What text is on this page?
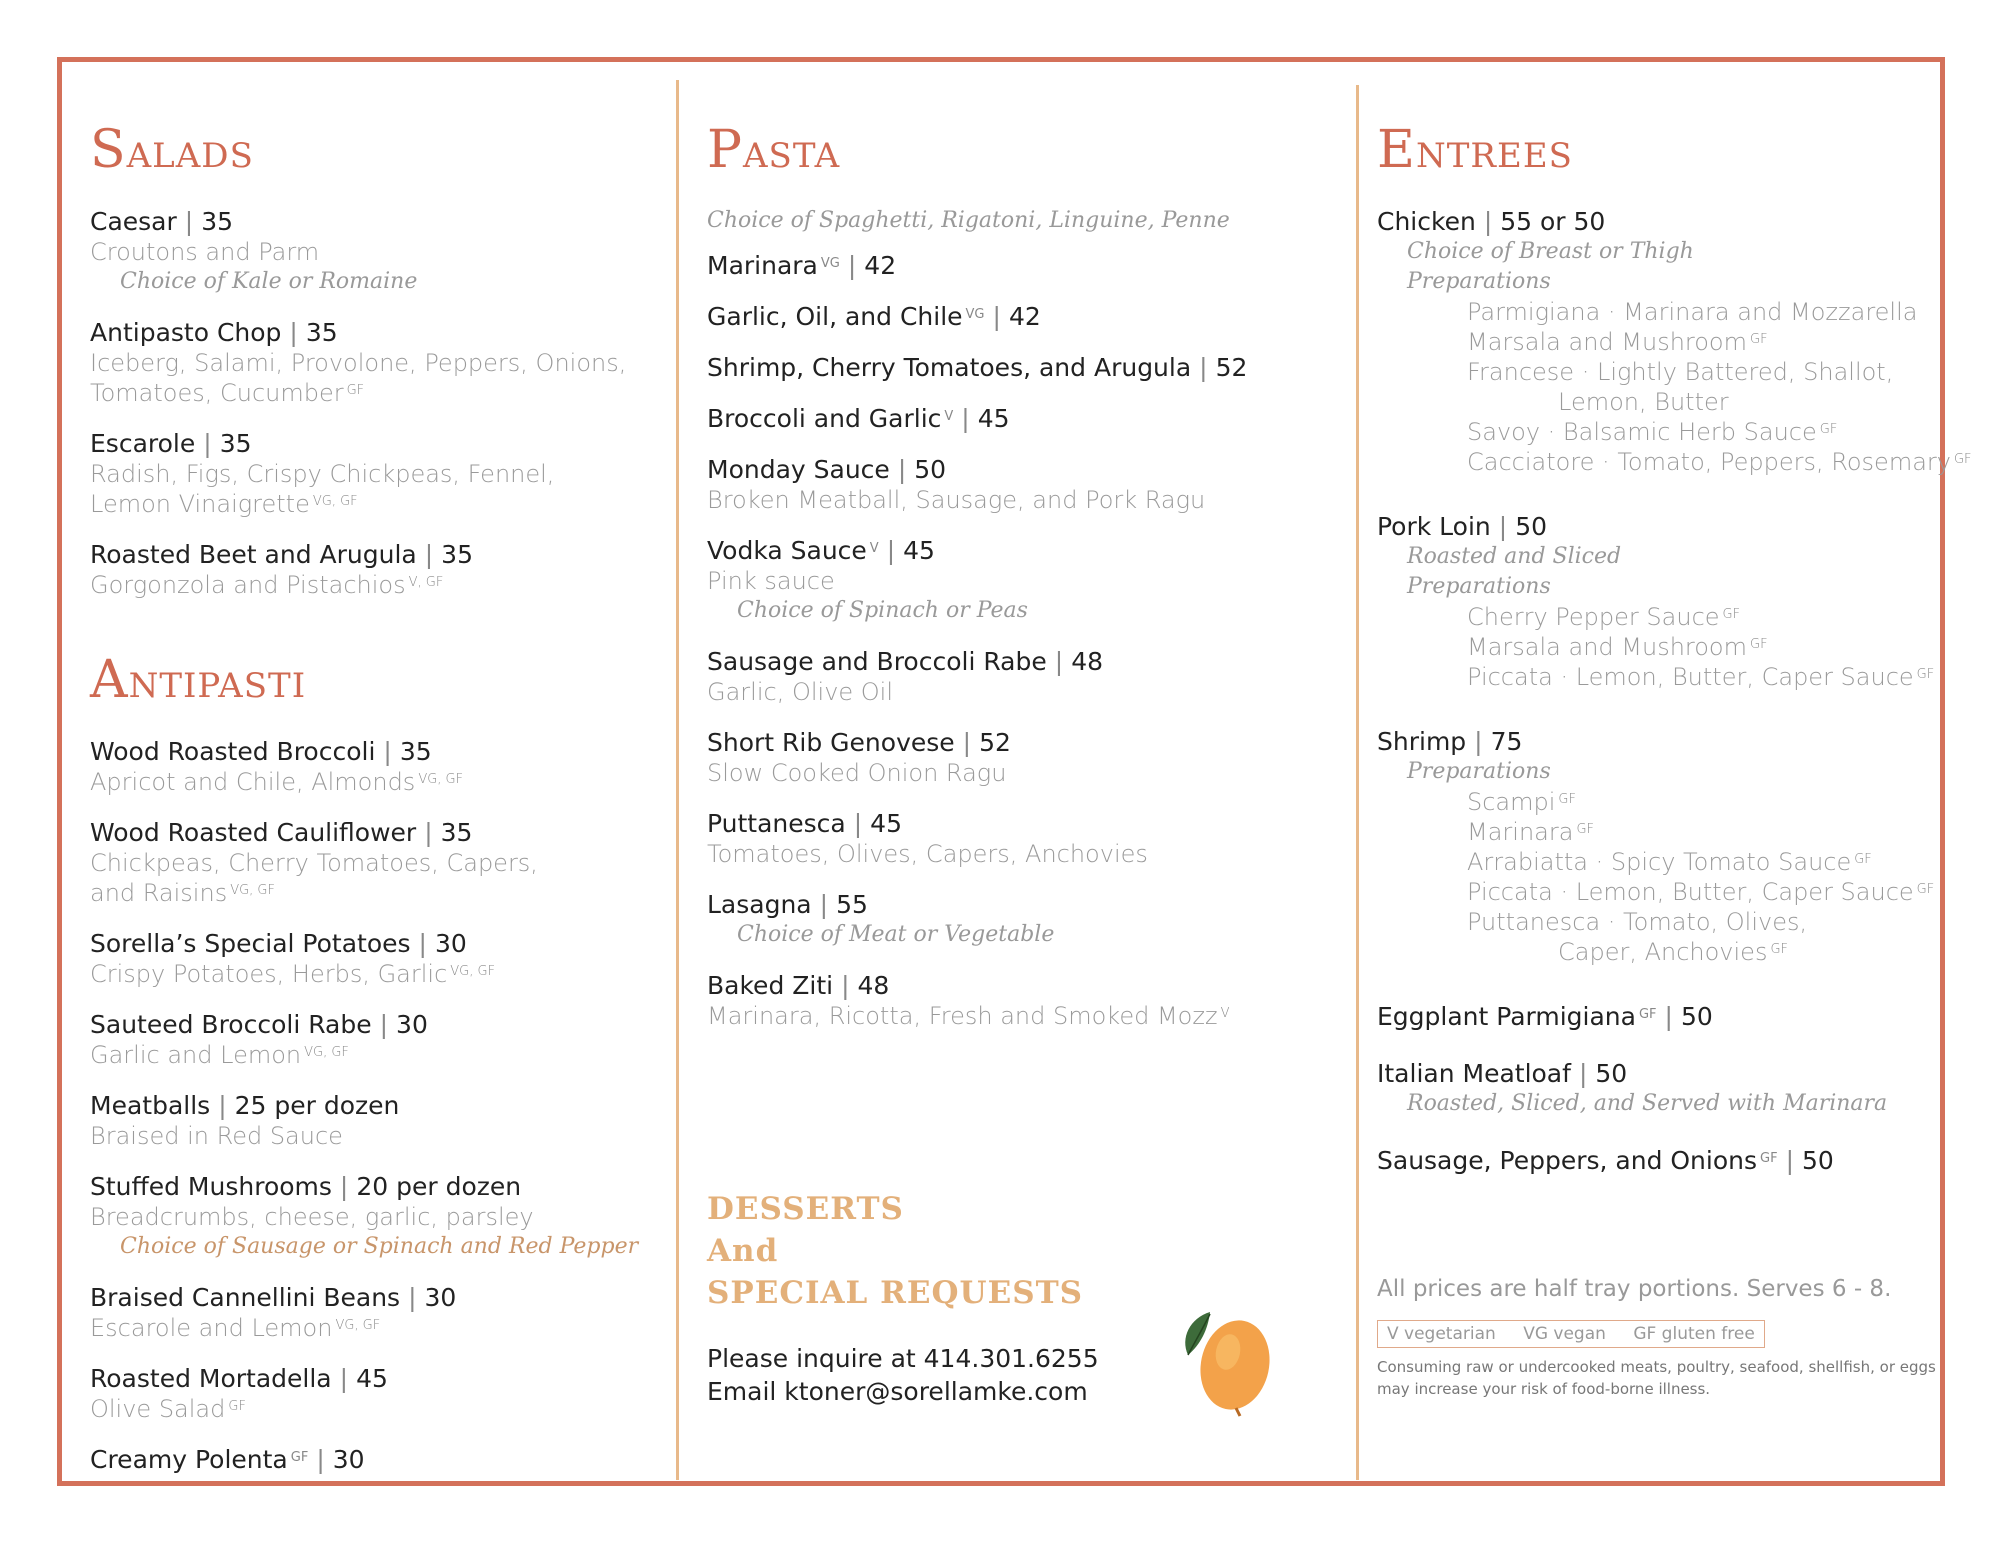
SALADS
Caesar | 35
Croutons and Parm
Choice of Kale or Romaine
Antipasto Chop | 35
Iceberg, Salami, Provolone, Peppers, Onions,
Tomatoes, Cucumber $^{GF}$
Escarole | 35
Radish, Figs, Crispy Chickpeas, Fennel,
Lemon Vinaigrette $^{VG, GF}$
Roasted Beet and Arugula | 35
Gorgonzola and Pistachios $^{V, GF}$
ANTIPASTI
Wood Roasted Broccoli | 35
Apricot and Chile, Almonds $^{VG, GF}$
Wood Roasted Cauliflower | 35
Chickpeas, Cherry Tomatoes, Capers,
and Raisins $^{VG, GF}$
Sorella’s Special Potatoes | 30
Crispy Potatoes, Herbs, Garlic $^{VG, GF}$
Sauteed Broccoli Rabe | 30
Garlic and Lemon $^{VG, GF}$
Meatballs | 25 per dozen
Braised in Red Sauce
Stuffed Mushrooms | 20 per dozen
Breadcrumbs, cheese, garlic, parsley
Choice of Sausage or Spinach and Red Pepper
Braised Cannellini Beans | 30
Escarole and Lemon $^{VG, GF}$
Roasted Mortadella | 45
Olive Salad $^{GF}$
Creamy Polenta $^{GF}$ | 30
PASTA
Choice of Spaghetti, Rigatoni, Linguine, Penne
Marinara $^{VG}$ | 42
Garlic, Oil, and Chile $^{VG}$ | 42
Shrimp, Cherry Tomatoes, and Arugula | 52
Broccoli and Garlic $^V$ | 45
Monday Sauce | 50
Broken Meatball, Sausage, and Pork Ragu
Vodka Sauce $^V$ | 45
Pink sauce
Choice of Spinach or Peas
Sausage and Broccoli Rabe | 48
Garlic, Olive Oil
Short Rib Genovese | 52
Slow Cooked Onion Ragu
Puttanesca | 45
Tomatoes, Olives, Capers, Anchovies
Lasagna | 55
Choice of Meat or Vegetable
Baked Ziti | 48
Marinara, Ricotta, Fresh and Smoked Mozz $^V$
DESSERTS
And
SPECIAL REQUESTS
Please inquire at 414.301.6255
Email ktoner@sorellamke.com
ENTREES
Chicken | 55 or 50
Choice of Breast or Thigh
Preparations
Parmigiana · Marinara and Mozzarella
Marsala and Mushroom $^{GF}$
Francese · Lightly Battered, Shallot,
Lemon, Butter
Savoy · Balsamic Herb Sauce $^{GF}$
Cacciatore · Tomato, Peppers, Rosemary $^{GF}$
Pork Loin | 50
Roasted and Sliced
Preparations
Cherry Pepper Sauce $^{GF}$
Marsala and Mushroom $^{GF}$
Piccata · Lemon, Butter, Caper Sauce $^{GF}$
Shrimp | 75
Preparations
Scampi $^{GF}$
Marinara $^{GF}$
Arrabiatta · Spicy Tomato Sauce $^{GF}$
Piccata · Lemon, Butter, Caper Sauce $^{GF}$
Puttanesca · Tomato, Olives,
Caper, Anchovies $^{GF}$
Eggplant Parmigiana $^{GF}$ | 50
Italian Meatloaf | 50
Roasted, Sliced, and Served with Marinara
Sausage, Peppers, and Onions $^{GF}$ | 50
All prices are half tray portions. Serves 6 - 8.
V vegetarian VG vegan GF gluten free
Consuming raw or undercooked meats, poultry, seafood, shellfish, or eggs
may increase your risk of food-borne illness.
